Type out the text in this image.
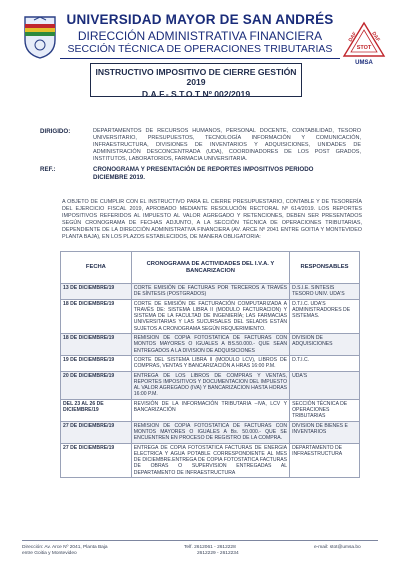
UNIVERSIDAD MAYOR DE SAN ANDRÉS
DIRECCIÓN ADMINISTRATIVA FINANCIERA
SECCIÓN TÉCNICA DE OPERACIONES TRIBUTARIAS
DAF DAF
STOT
UMSA
INSTRUCTIVO IMPOSITIVO DE CIERRE GESTIÓN 2019
D.A.F.- S.T.O.T Nº 002/2019
DIRIGIDO:	DEPARTAMENTOS DE RECURSOS HUMANOS, PERSONAL DOCENTE, CONTABILIDAD, TESORO UNIVERSITARIO, PRESUPUESTOS, TECNOLOGÍA INFORMACIÓN Y COMUNICACIÓN, INFRAESTRUCTURA, DIVISIONES DE INVENTARIOS Y ADQUISICIONES, UNIDADES DE ADMINISTRACIÓN DESCONCENTRADA (UDA), COORDINADORES DE LOS POST GRADOS, INSTITUTOS, LABORATORIOS, FARMACIA UNIVERSITARIA.
REF.:	CRONOGRAMA Y PRESENTACIÓN DE REPORTES IMPOSITIVOS PERIODO DICIEMBRE 2019.
A OBJETO DE CUMPLIR CON EL INSTRUCTIVO PARA EL CIERRE PRESUPUESTARIO, CONTABLE Y DE TESORERÍA DEL EJERCICIO FISCAL 2019, APROBADO MEDIANTE RESOLUCIÓN RECTORAL Nº 614/2019. LOS REPORTES IMPOSITIVOS REFERIDOS AL IMPUESTO AL VALOR AGREGADO Y RETENCIONES, DEBEN SER PRESENTADOS SEGÚN CRONOGRAMA DE FECHAS ADJUNTO, A LA SECCIÓN TÉCNICA DE OPERACIONES TRIBUTARIAS, DEPENDIENTE DE LA DIRECCIÓN ADMINISTRATIVA FINANCIERA (AV. ARCE Nº 2041 ENTRE GOITIA Y MONTEVIDEO PLANTA BAJA), EN LOS PLAZOS ESTABLECIDOS, DE MANERA OBLIGATORIA:
FECHA	CRONOGRAMA DE ACTIVIDADES DEL I.V.A. Y BANCARIZACION	RESPONSABLES
13 DE DICIEMBRE/19	CORTE EMISIÓN DE FACTURAS POR TERCEROS A TRAVÉS DE SÍNTESIS (POSTGRADOS)	D.S.I.E. SINTESIS TESORO UNIV. UDA'S
18 DE DICIEMBRE/19	CORTE DE EMISIÓN DE FACTURACIÓN COMPUTARIZADA A TRAVÉS DE: SISTEMA LIBRA II (MODULO FACTURACION) Y SISTEMA DE LA FACULTAD DE INGENIERÍA; LAS FARMACIAS UNIVERSITARIAS Y LAS SUCURSALES DEL SELADIS ESTÁN SUJETOS A CRONOGRAMA SEGÚN REQUERIMIENTO.	D.T.I.C. UDA'S ADMINISTRADORES DE SISTEMAS.
18 DE DICIEMBRE/19	REMISION DE COPIA FOTOSTATICA DE FACTURAS CON MONTOS MAYORES O IGUALES A BS.50.000.- QUE SEAN ENTREGADOS A LA DIVISION DE ADQUISICIONES	DIVISION DE ADQUISICIONES
19 DE DICIEMBRE/19	CORTE DEL SISTEMA LIBRA II (MODULO LCV), LIBROS DE COMPRAS, VENTAS Y BANCARIZACIÓN A HRAS 16:00 P.M.	D.T.I.C.
20 DE DICIEMBRE/19	ENTREGA DE LOS LIBROS DE COMPRAS Y VENTAS, REPORTES IMPOSITIVOS Y DOCUMENTACION DEL IMPUESTO AL VALOR AGREGADO (IVA) Y BANCARIZACION HASTA HORAS 16:00 P.M.	UDA'S
DEL 23 AL 26 DE DICIEMBRE/19	REVISIÓN DE LA INFORMACIÓN TRIBUTARIA –IVA, LCV Y BANCARIZACIÓN	SECCIÓN TÉCNICA DE OPERACIONES TRIBUTARIAS
27 DE DICIEMBRE/19	REMISION DE COPIA FOTOSTATICA DE FACTURAS CON MONTOS MAYORES O IGUALES A Bs. 50.000.- QUE SE ENCUENTREN EN PROCESO DE REGISTRO DE LA COMPRA.	DIVISION DE BIENES E INVENTARIOS
27 DE DICIEMBRE/19	ENTREGA DE COPIA FOTOSTATICA FACTURAS DE ENERGIA ELECTRICA Y AGUA POTABLE CORRESPONDIENTE AL MES DE DICIEMBRE.ENTREGA DE COPIA FOTOSTATICA FACTURAS DE OBRAS O SUPERVISION ENTREGADAS AL DEPARTAMENTO DE INFRAESTRUCTURA	DEPARTAMENTO DE INFRAESTRUCTURA
Dirección: Av. Arce Nº 2041, Planta Baja
entre Goitia y Montevideo
Telf. 2612061 - 2612228
2612229 - 2612234
e-mail: stot@umsa.bo
